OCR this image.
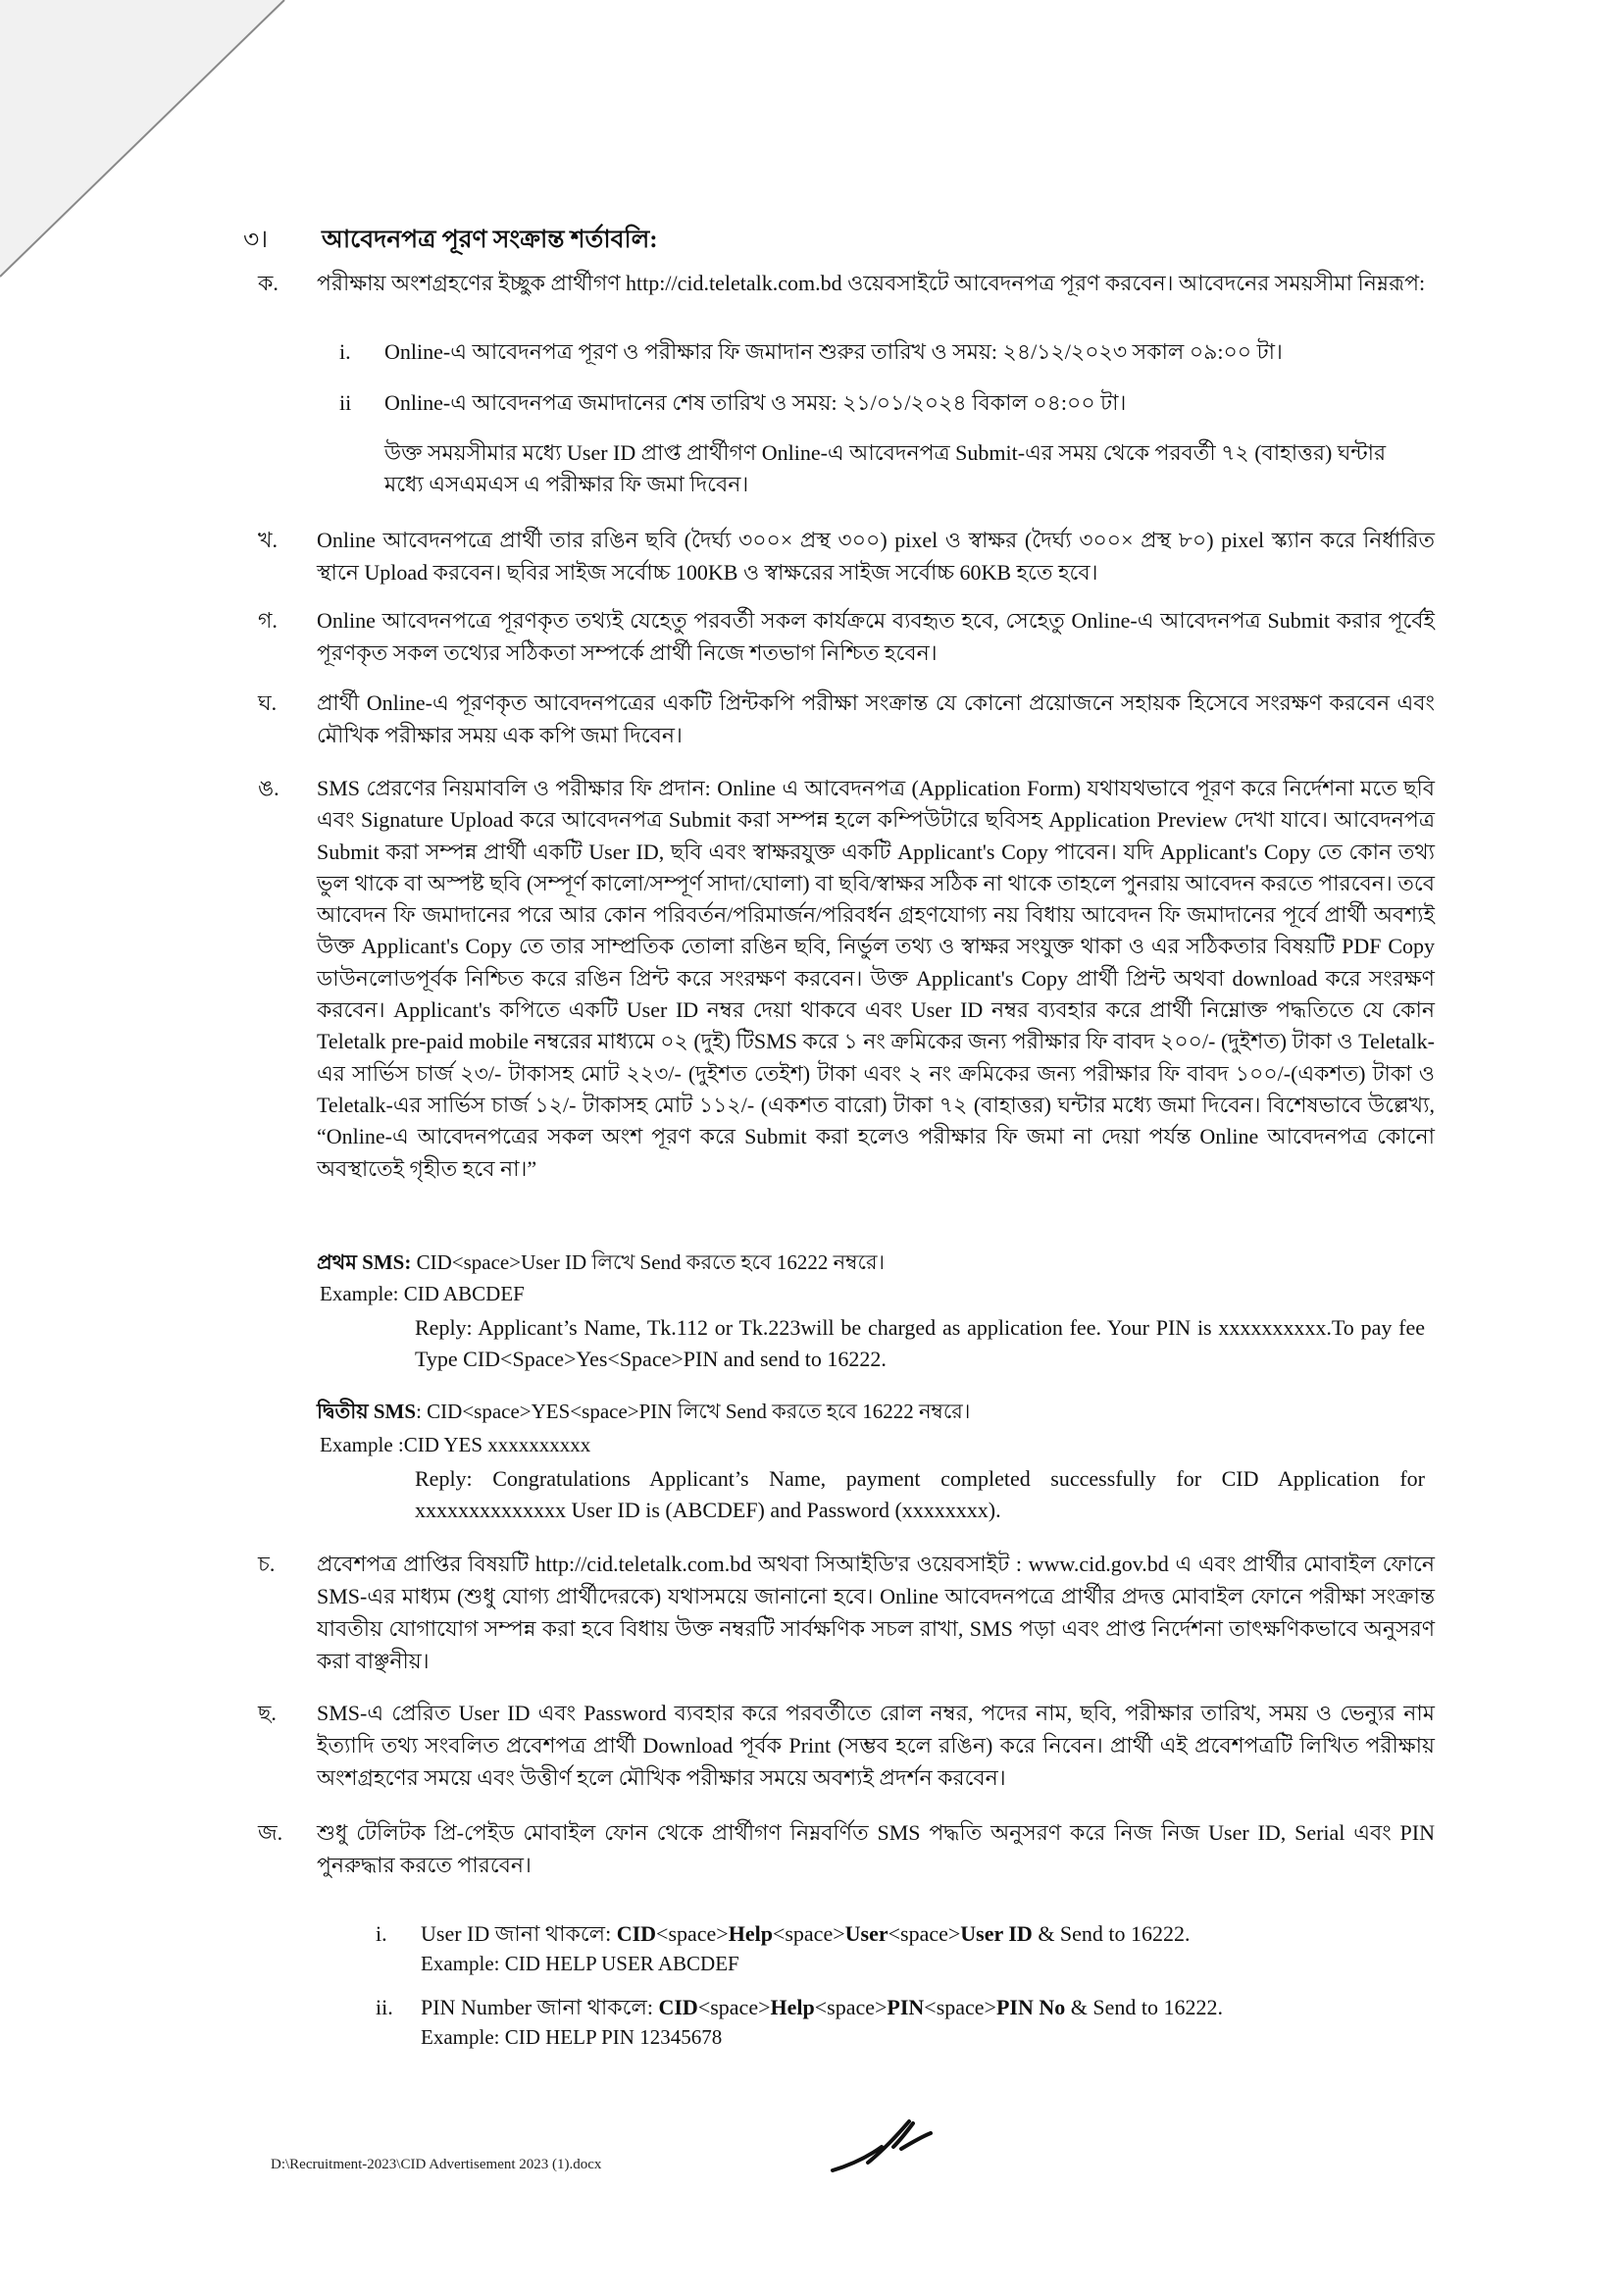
৩। আবেদনপত্র পূরণ সংক্রান্ত শর্তাবলি:
ক. পরীক্ষায় অংশগ্রহণের ইচ্ছুক প্রার্থীগণ http://cid.teletalk.com.bd ওয়েবসাইটে আবেদনপত্র পূরণ করবেন। আবেদনের সময়সীমা নিম্নরূপ:
i. Online-এ আবেদনপত্র পূরণ ও পরীক্ষার ফি জমাদান শুরুর তারিখ ও সময়: ২৪/১২/২০২৩ সকাল ০৯:০০ টা।
ii Online-এ আবেদনপত্র জমাদানের শেষ তারিখ ও সময়: ২১/০১/২০২৪ বিকাল ০৪:০০ টা।
উক্ত সময়সীমার মধ্যে User ID প্রাপ্ত প্রার্থীগণ Online-এ আবেদনপত্র Submit-এর সময় থেকে পরবর্তী ৭২ (বাহাত্তর) ঘন্টার মধ্যে এসএমএস এ পরীক্ষার ফি জমা দিবেন।
খ. Online আবেদনপত্রে প্রার্থী তার রঙিন ছবি (দৈর্ঘ্য ৩০০× প্রস্থ ৩০০) pixel ও স্বাক্ষর (দৈর্ঘ্য ৩০০× প্রস্থ ৮০) pixel স্ক্যান করে নির্ধারিত স্থানে Upload করবেন। ছবির সাইজ সর্বোচ্চ 100KB ও স্বাক্ষরের সাইজ সর্বোচ্চ 60KB হতে হবে।
গ. Online আবেদনপত্রে পূরণকৃত তথ্যই যেহেতু পরবর্তী সকল কার্যক্রমে ব্যবহৃত হবে, সেহেতু Online-এ আবেদনপত্র Submit করার পূর্বেই পূরণকৃত সকল তথ্যের সঠিকতা সম্পর্কে প্রার্থী নিজে শতভাগ নিশ্চিত হবেন।
ঘ. প্রার্থী Online-এ পূরণকৃত আবেদনপত্রের একটি প্রিন্টকপি পরীক্ষা সংক্রান্ত যে কোনো প্রয়োজনে সহায়ক হিসেবে সংরক্ষণ করবেন এবং মৌখিক পরীক্ষার সময় এক কপি জমা দিবেন।
ঙ. SMS প্রেরণের নিয়মাবলি ও পরীক্ষার ফি প্রদান: Online এ আবেদনপত্র (Application Form) যথাযথভাবে পূরণ করে নির্দেশনা মতে ছবি এবং Signature Upload করে আবেদনপত্র Submit করা সম্পন্ন হলে কম্পিউটারে ছবিসহ Application Preview দেখা যাবে। আবেদনপত্র Submit করা সম্পন্ন প্রার্থী একটি User ID, ছবি এবং স্বাক্ষরযুক্ত একটি Applicant's Copy পাবেন। যদি Applicant's Copy তে কোন তথ্য ভুল থাকে বা অস্পষ্ট ছবি (সম্পূর্ণ কালো/সম্পূর্ণ সাদা/ঘোলা) বা ছবি/স্বাক্ষর সঠিক না থাকে তাহলে পুনরায় আবেদন করতে পারবেন। তবে আবেদন ফি জমাদানের পরে আর কোন পরিবর্তন/পরিমার্জন/পরিবর্ধন গ্রহণযোগ্য নয় বিধায় আবেদন ফি জমাদানের পূর্বে প্রার্থী অবশ্যই উক্ত Applicant's Copy তে তার সাম্প্রতিক তোলা রঙিন ছবি, নির্ভুল তথ্য ও স্বাক্ষর সংযুক্ত থাকা ও এর সঠিকতার বিষয়টি PDF Copy ডাউনলোডপূর্বক নিশ্চিত করে রঙিন প্রিন্ট করে সংরক্ষণ করবেন। উক্ত Applicant's Copy প্রার্থী প্রিন্ট অথবা download করে সংরক্ষণ করবেন। Applicant's কপিতে একটি User ID নম্বর দেয়া থাকবে এবং User ID নম্বর ব্যবহার করে প্রার্থী নিম্নোক্ত পদ্ধতিতে যে কোন Teletalk pre-paid mobile নম্বরের মাধ্যমে ০২ (দুই) টিSMS করে ১ নং ক্রমিকের জন্য পরীক্ষার ফি বাবদ ২০০/- (দুইশত) টাকা ও Teletalk-এর সার্ভিস চার্জ ২৩/- টাকাসহ মোট ২২৩/- (দুইশত তেইশ) টাকা এবং ২ নং ক্রমিকের জন্য পরীক্ষার ফি বাবদ ১০০/-(একশত) টাকা ও Teletalk-এর সার্ভিস চার্জ ১২/- টাকাসহ মোট ১১২/- (একশত বারো) টাকা ৭২ (বাহাত্তর) ঘন্টার মধ্যে জমা দিবেন। বিশেষভাবে উল্লেখ্য, “Online-এ আবেদনপত্রের সকল অংশ পূরণ করে Submit করা হলেও পরীক্ষার ফি জমা না দেয়া পর্যন্ত Online আবেদনপত্র কোনো অবস্থাতেই গৃহীত হবে না।”
প্রথম SMS: CID<space>User ID লিখে Send করতে হবে 16222 নম্বরে।
Example: CID ABCDEF
Reply: Applicant’s Name, Tk.112 or Tk.223will be charged as application fee. Your PIN is xxxxxxxxxx.To pay fee Type CID<Space>Yes<Space>PIN and send to 16222.
দ্বিতীয় SMS: CID<space>YES<space>PIN লিখে Send করতে হবে 16222 নম্বরে।
Example :CID YES xxxxxxxxxx
Reply: Congratulations Applicant’s Name, payment completed successfully for CID Application for xxxxxxxxxxxxxx User ID is (ABCDEF) and Password (xxxxxxxx).
চ. প্রবেশপত্র প্রাপ্তির বিষয়টি http://cid.teletalk.com.bd অথবা সিআইডি'র ওয়েবসাইট : www.cid.gov.bd এ এবং প্রার্থীর মোবাইল ফোনে SMS-এর মাধ্যম (শুধু যোগ্য প্রার্থীদেরকে) যথাসময়ে জানানো হবে। Online আবেদনপত্রে প্রার্থীর প্রদত্ত মোবাইল ফোনে পরীক্ষা সংক্রান্ত যাবতীয় যোগাযোগ সম্পন্ন করা হবে বিধায় উক্ত নম্বরটি সার্বক্ষণিক সচল রাখা, SMS পড়া এবং প্রাপ্ত নির্দেশনা তাৎক্ষণিকভাবে অনুসরণ করা বাঞ্ছনীয়।
ছ. SMS-এ প্রেরিত User ID এবং Password ব্যবহার করে পরবর্তীতে রোল নম্বর, পদের নাম, ছবি, পরীক্ষার তারিখ, সময় ও ভেন্যুর নাম ইত্যাদি তথ্য সংবলিত প্রবেশপত্র প্রার্থী Download পূর্বক Print (সম্ভব হলে রঙিন) করে নিবেন। প্রার্থী এই প্রবেশপত্রটি লিখিত পরীক্ষায় অংশগ্রহণের সময়ে এবং উত্তীর্ণ হলে মৌখিক পরীক্ষার সময়ে অবশ্যই প্রদর্শন করবেন।
জ. শুধু টেলিটক প্রি-পেইড মোবাইল ফোন থেকে প্রার্থীগণ নিম্নবর্ণিত SMS পদ্ধতি অনুসরণ করে নিজ নিজ User ID, Serial এবং PIN পুনরুদ্ধার করতে পারবেন।
i. User ID জানা থাকলে: CID<space>Help<space>User<space>User ID & Send to 16222.
Example: CID HELP USER ABCDEF
ii. PIN Number জানা থাকলে: CID<space>Help<space>PIN<space>PIN No & Send to 16222.
Example: CID HELP PIN 12345678
D:\Recruitment-2023\CID Advertisement 2023 (1).docx
